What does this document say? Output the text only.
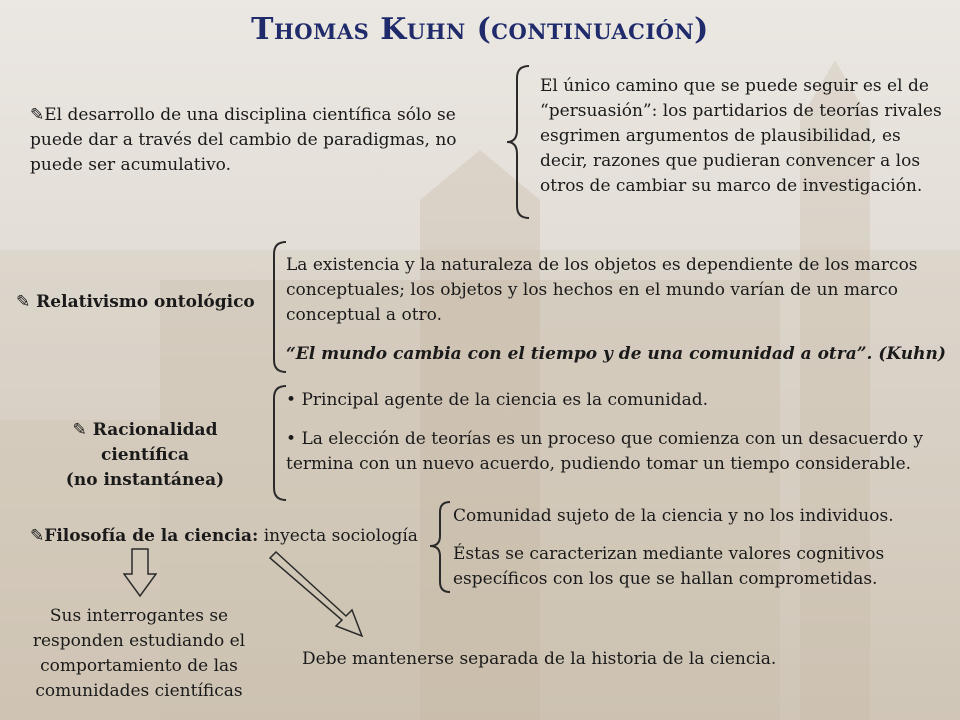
Thomas Kuhn (continuación)
✎El desarrollo de una disciplina científica sólo se puede dar a través del cambio de paradigmas, no puede ser acumulativo.
El único camino que se puede seguir es el de “persuasión”: los partidarios de teorías rivales esgrimen argumentos de plausibilidad, es decir, razones que pudieran convencer a los otros de cambiar su marco de investigación.
✎ Relativismo ontológico
La existencia y la naturaleza de los objetos es dependiente de los marcos conceptuales; los objetos y los hechos en el mundo varían de un marco conceptual a otro.
“El mundo cambia con el tiempo y de una comunidad a otra”. (Kuhn)
✎ Racionalidad científica
(no instantánea)
• Principal agente de la ciencia es la comunidad.
• La elección de teorías es un proceso que comienza con un desacuerdo y termina con un nuevo acuerdo, pudiendo tomar un tiempo considerable.
✎Filosofía de la ciencia: inyecta sociología
Comunidad sujeto de la ciencia y no los individuos.
Éstas se caracterizan mediante valores cognitivos específicos con los que se hallan comprometidas.
Sus interrogantes se responden estudiando el comportamiento de las comunidades científicas
Debe mantenerse separada de la historia de la ciencia.
